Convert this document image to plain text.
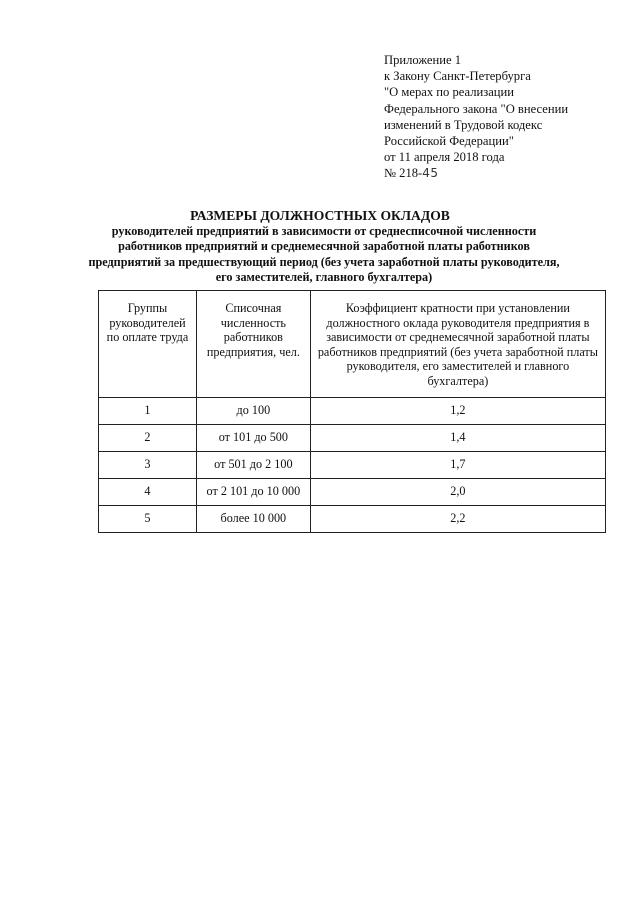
Приложение 1
к Закону Санкт-Петербурга
"О мерах по реализации
Федерального закона "О внесении
изменений в Трудовой кодекс
Российской Федерации"
от 11 апреля 2018 года
№ 218-45
РАЗМЕРЫ ДОЛЖНОСТНЫХ ОКЛАДОВ
руководителей предприятий в зависимости от среднесписочной численности работников предприятий и среднемесячной заработной платы работников предприятий за предшествующий период (без учета заработной платы руководителя, его заместителей, главного бухгалтера)
Группы руководителей по оплате труда	Списочная численность работников предприятия, чел.	Коэффициент кратности при установлении должностного оклада руководителя предприятия в зависимости от среднемесячной заработной платы работников предприятий (без учета заработной платы руководителя, его заместителей и главного бухгалтера)
1	до 100	1,2
2	от 101 до 500	1,4
3	от 501 до 2 100	1,7
4	от 2 101 до 10 000	2,0
5	более 10 000	2,2
